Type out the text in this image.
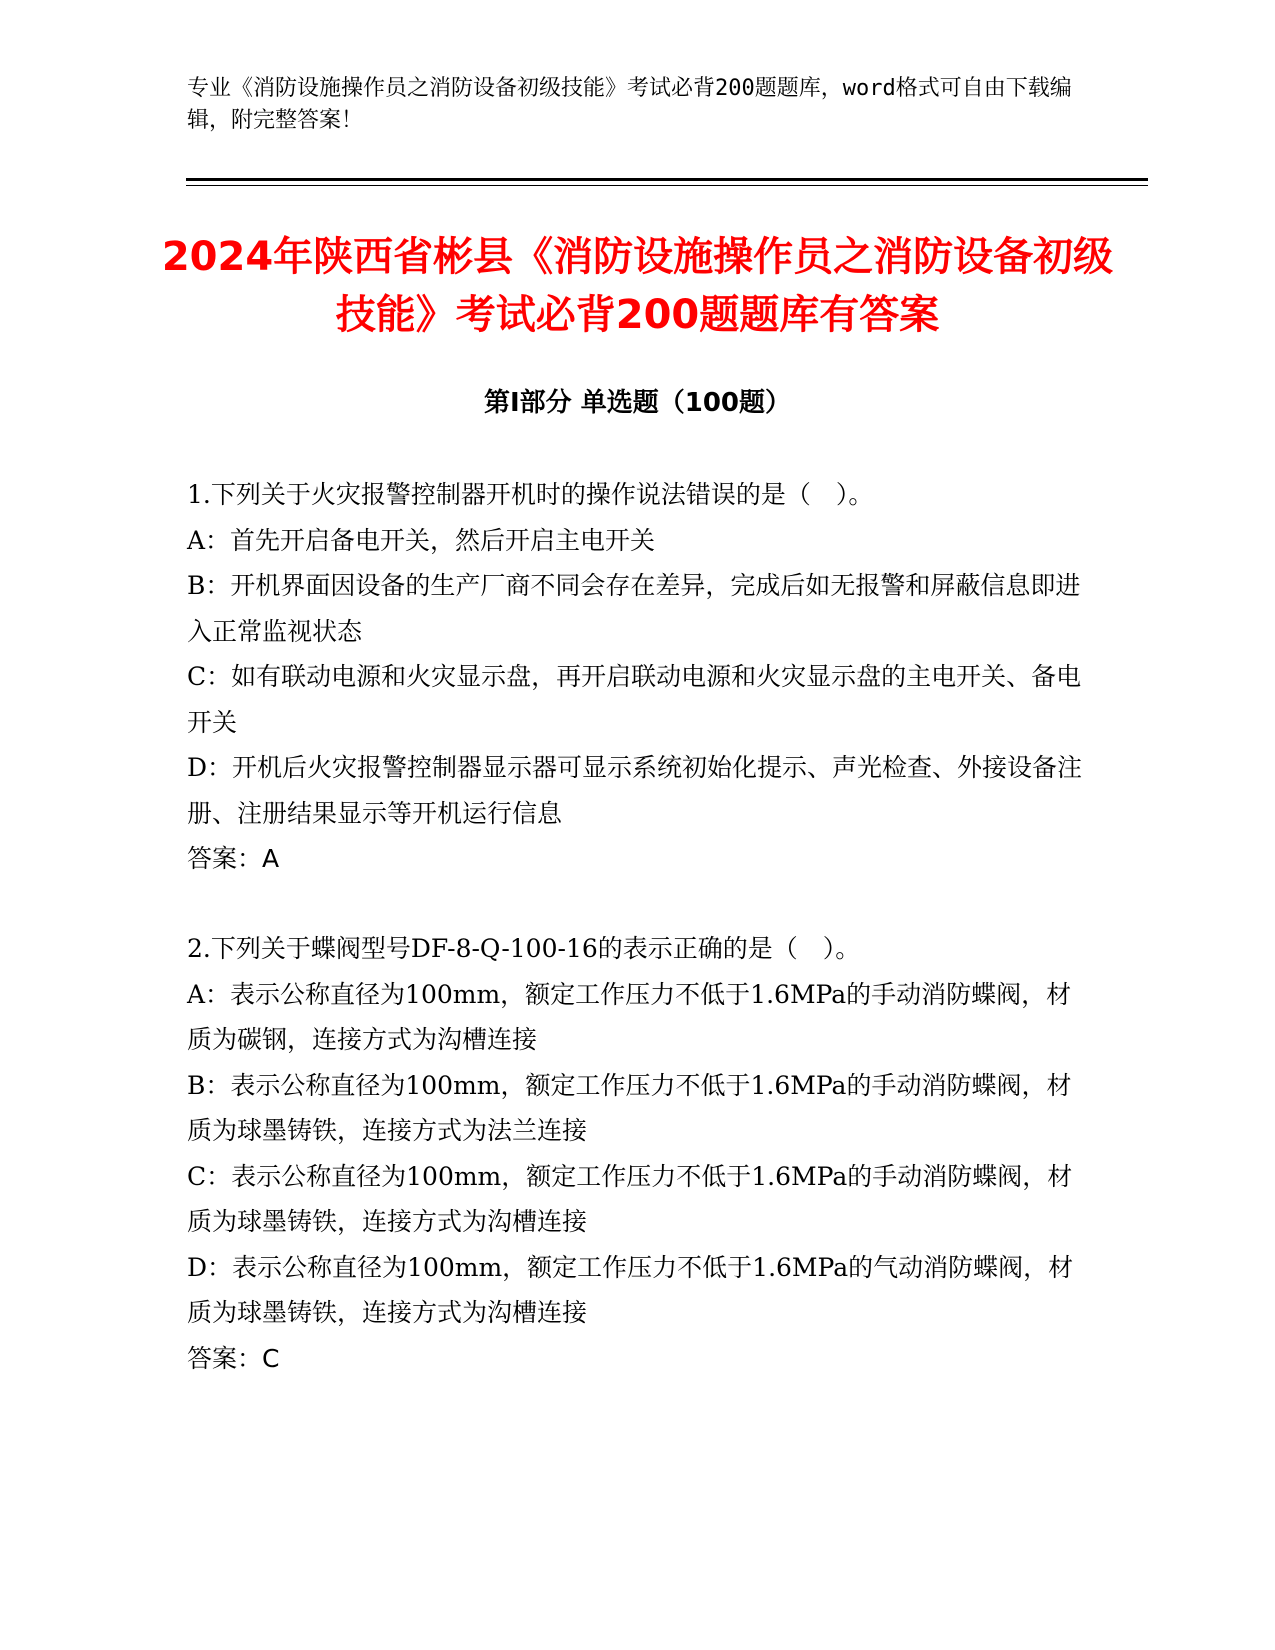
专业《消防设施操作员之消防设备初级技能》考试必背200题题库，word格式可自由下载编辑，附完整答案！
2024年陕西省彬县《消防设施操作员之消防设备初级技能》考试必背200题题库有答案
第I部分 单选题（100题）
1.下列关于火灾报警控制器开机时的操作说法错误的是（　）。
A：首先开启备电开关，然后开启主电开关
B：开机界面因设备的生产厂商不同会存在差异，完成后如无报警和屏蔽信息即进入正常监视状态
C：如有联动电源和火灾显示盘，再开启联动电源和火灾显示盘的主电开关、备电开关
D：开机后火灾报警控制器显示器可显示系统初始化提示、声光检查、外接设备注册、注册结果显示等开机运行信息
答案：A
2.下列关于蝶阀型号DF-8-Q-100-16的表示正确的是（　）。
A：表示公称直径为100mm，额定工作压力不低于1.6MPa的手动消防蝶阀，材质为碳钢，连接方式为沟槽连接
B：表示公称直径为100mm，额定工作压力不低于1.6MPa的手动消防蝶阀，材质为球墨铸铁，连接方式为法兰连接
C：表示公称直径为100mm，额定工作压力不低于1.6MPa的手动消防蝶阀，材质为球墨铸铁，连接方式为沟槽连接
D：表示公称直径为100mm，额定工作压力不低于1.6MPa的气动消防蝶阀，材质为球墨铸铁，连接方式为沟槽连接
答案：C
